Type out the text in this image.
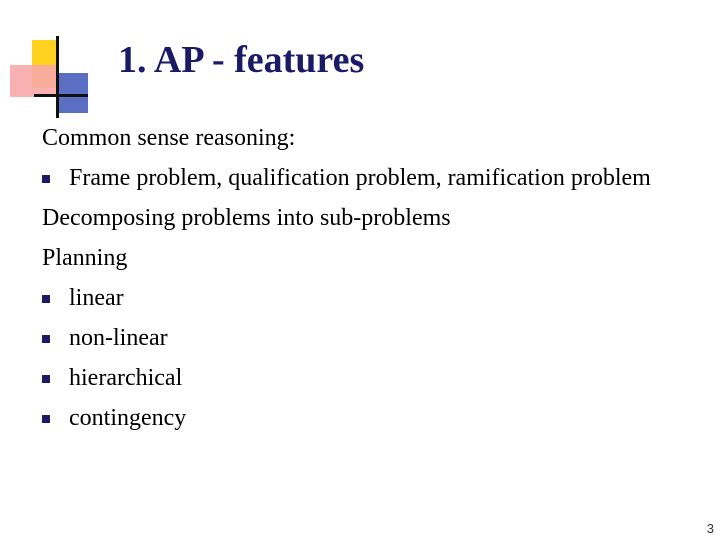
1. AP - features
Common sense reasoning:
Frame problem, qualification problem, ramification problem
Decomposing problems into sub-problems
Planning
linear
non-linear
hierarchical
contingency
3
